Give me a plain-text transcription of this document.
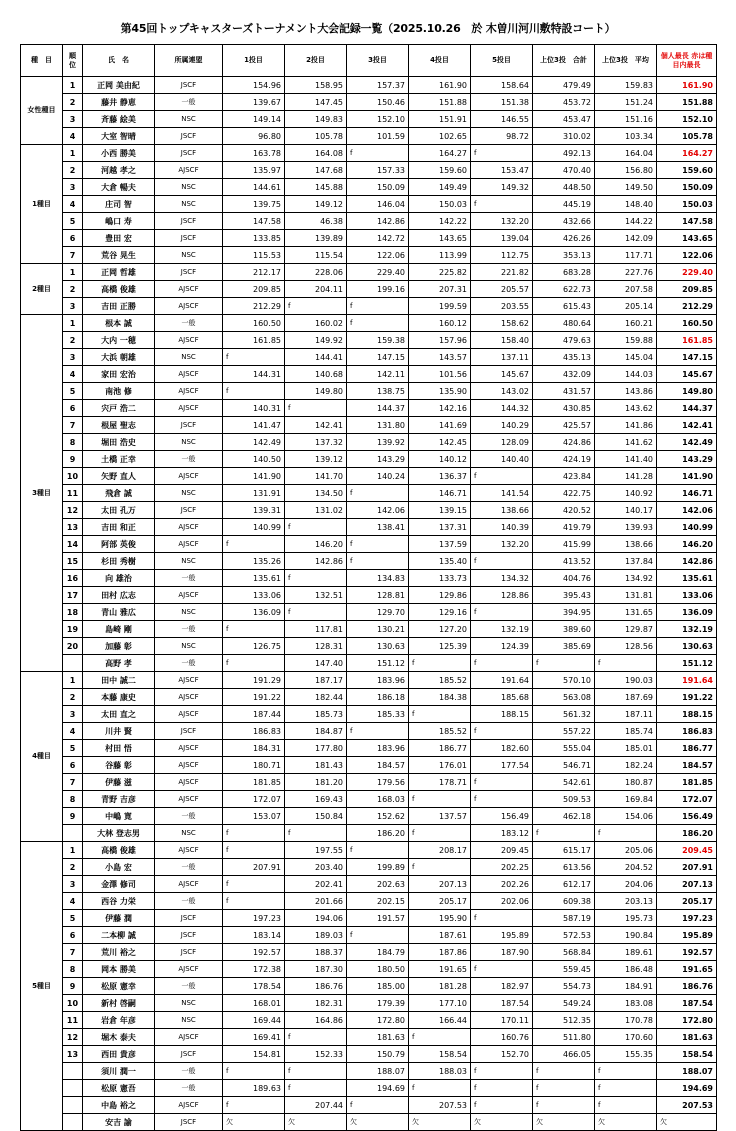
第45回トップキャスターズトーナメント大会記録一覧（2025.10.26　於 木曽川河川敷特設コート）
種　目	順位	氏　名	所属連盟	1投目	2投目	3投目	4投目	5投目	上位3投　合計	上位3投　平均	個人最長 赤は種目内最長
女性種目	1	正岡 美由紀	JSCF	154.96	158.95	157.37	161.90	158.64	479.49	159.83	161.90
	2	藤井 静恵	一般	139.67	147.45	150.46	151.88	151.38	453.72	151.24	151.88
	3	斉藤 絵美	NSC	149.14	149.83	152.10	151.91	146.55	453.47	151.16	152.10
	4	大室 智晴	JSCF	96.80	105.78	101.59	102.65	98.72	310.02	103.34	105.78
1種目	1	小西 勝美	JSCF	163.78	164.08	f	164.27	f	492.13	164.04	164.27
	2	河越 孝之	AJSCF	135.97	147.68	157.33	159.60	153.47	470.40	156.80	159.60
	3	大倉 暢夫	NSC	144.61	145.88	150.09	149.49	149.32	448.50	149.50	150.09
	4	庄司 智	NSC	139.75	149.12	146.04	150.03	f	445.19	148.40	150.03
	5	嶋口 寿	JSCF	147.58	46.38	142.86	142.22	132.20	432.66	144.22	147.58
	6	豊田 宏	JSCF	133.85	139.89	142.72	143.65	139.04	426.26	142.09	143.65
	7	荒谷 晃生	NSC	115.53	115.54	122.06	113.99	112.75	353.13	117.71	122.06
2種目	1	正岡 哲雄	JSCF	212.17	228.06	229.40	225.82	221.82	683.28	227.76	229.40
	2	高橋 俊雄	AJSCF	209.85	204.11	199.16	207.31	205.57	622.73	207.58	209.85
	3	吉田 正勝	AJSCF	212.29	f	f	199.59	203.55	615.43	205.14	212.29
3種目	1	根本 誠	一般	160.50	160.02	f	160.12	158.62	480.64	160.21	160.50
	2	大内 一穂	AJSCF	161.85	149.92	159.38	157.96	158.40	479.63	159.88	161.85
	3	大浜 朝雄	NSC	f	144.41	147.15	143.57	137.11	435.13	145.04	147.15
	4	家田 宏治	AJSCF	144.31	140.68	142.11	101.56	145.67	432.09	144.03	145.67
	5	南池 修	AJSCF	f	149.80	138.75	135.90	143.02	431.57	143.86	149.80
	6	宍戸 浩二	AJSCF	140.31	f	144.37	142.16	144.32	430.85	143.62	144.37
	7	根屋 聖志	JSCF	141.47	142.41	131.80	141.69	140.29	425.57	141.86	142.41
	8	堀田 浩史	NSC	142.49	137.32	139.92	142.45	128.09	424.86	141.62	142.49
	9	土橋 正幸	一般	140.50	139.12	143.29	140.12	140.40	424.19	141.40	143.29
	10	矢野 直人	AJSCF	141.90	141.70	140.24	136.37	f	423.84	141.28	141.90
	11	飛倉 誠	NSC	131.91	134.50	f	146.71	141.54	422.75	140.92	146.71
	12	太田 孔万	JSCF	139.31	131.02	142.06	139.15	138.66	420.52	140.17	142.06
	13	吉田 和正	AJSCF	140.99	f	138.41	137.31	140.39	419.79	139.93	140.99
	14	阿部 英俊	AJSCF	f	146.20	f	137.59	132.20	415.99	138.66	146.20
	15	杉田 秀樹	NSC	135.26	142.86	f	135.40	f	413.52	137.84	142.86
	16	向 雄治	一般	135.61	f	134.83	133.73	134.32	404.76	134.92	135.61
	17	田村 広志	AJSCF	133.06	132.51	128.81	129.86	128.86	395.43	131.81	133.06
	18	青山 雅広	NSC	136.09	f	129.70	129.16	f	394.95	131.65	136.09
	19	島崎 剛	一般	f	117.81	130.21	127.20	132.19	389.60	129.87	132.19
	20	加藤 彰	NSC	126.75	128.31	130.63	125.39	124.39	385.69	128.56	130.63
		高野 孝	一般	f	147.40	151.12	f	f	f	f	151.12
4種目	1	田中 誠二	AJSCF	191.29	187.17	183.96	185.52	191.64	570.10	190.03	191.64
	2	本藤 康史	AJSCF	191.22	182.44	186.18	184.38	185.68	563.08	187.69	191.22
	3	太田 直之	AJSCF	187.44	185.73	185.33	f	188.15	561.32	187.11	188.15
	4	川井 賢	JSCF	186.83	184.87	f	185.52	f	557.22	185.74	186.83
	5	村田 悟	AJSCF	184.31	177.80	183.96	186.77	182.60	555.04	185.01	186.77
	6	谷藤 彰	AJSCF	180.71	181.43	184.57	176.01	177.54	546.71	182.24	184.57
	7	伊藤 滋	AJSCF	181.85	181.20	179.56	178.71	f	542.61	180.87	181.85
	8	青野 吉彦	AJSCF	172.07	169.43	168.03	f	f	509.53	169.84	172.07
	9	中嶋 寛	一般	153.07	150.84	152.62	137.57	156.49	462.18	154.06	156.49
		大林 登志男	NSC	f	f	186.20	f	183.12	f	f	186.20
5種目	1	高橋 俊雄	AJSCF	f	197.55	f	208.17	209.45	615.17	205.06	209.45
	2	小島 宏	一般	207.91	203.40	199.89	f	202.25	613.56	204.52	207.91
	3	金澤 修司	AJSCF	f	202.41	202.63	207.13	202.26	612.17	204.06	207.13
	4	西谷 力栄	一般	f	201.66	202.15	205.17	202.06	609.38	203.13	205.17
	5	伊藤 潤	JSCF	197.23	194.06	191.57	195.90	f	587.19	195.73	197.23
	6	二本柳 誠	JSCF	183.14	189.03	f	187.61	195.89	572.53	190.84	195.89
	7	荒川 裕之	JSCF	192.57	188.37	184.79	187.86	187.90	568.84	189.61	192.57
	8	岡本 勝美	AJSCF	172.38	187.30	180.50	191.65	f	559.45	186.48	191.65
	9	松原 憲幸	一般	178.54	186.76	185.00	181.28	182.97	554.73	184.91	186.76
	10	新村 啓嗣	NSC	168.01	182.31	179.39	177.10	187.54	549.24	183.08	187.54
	11	岩倉 年彦	NSC	169.44	164.86	172.80	166.44	170.11	512.35	170.78	172.80
	12	堀木 泰夫	AJSCF	169.41	f	181.63	f	160.76	511.80	170.60	181.63
	13	西田 貴彦	JSCF	154.81	152.33	150.79	158.54	152.70	466.05	155.35	158.54
		須川 潤一	一般	f	f	188.07	188.03	f	f	f	188.07
		松原 憲吾	一般	189.63	f	194.69	f	f	f	f	194.69
		中島 裕之	AJSCF	f	207.44	f	207.53	f	f	f	207.53
		安吉 諭	JSCF	欠	欠	欠	欠	欠	欠	欠	欠
